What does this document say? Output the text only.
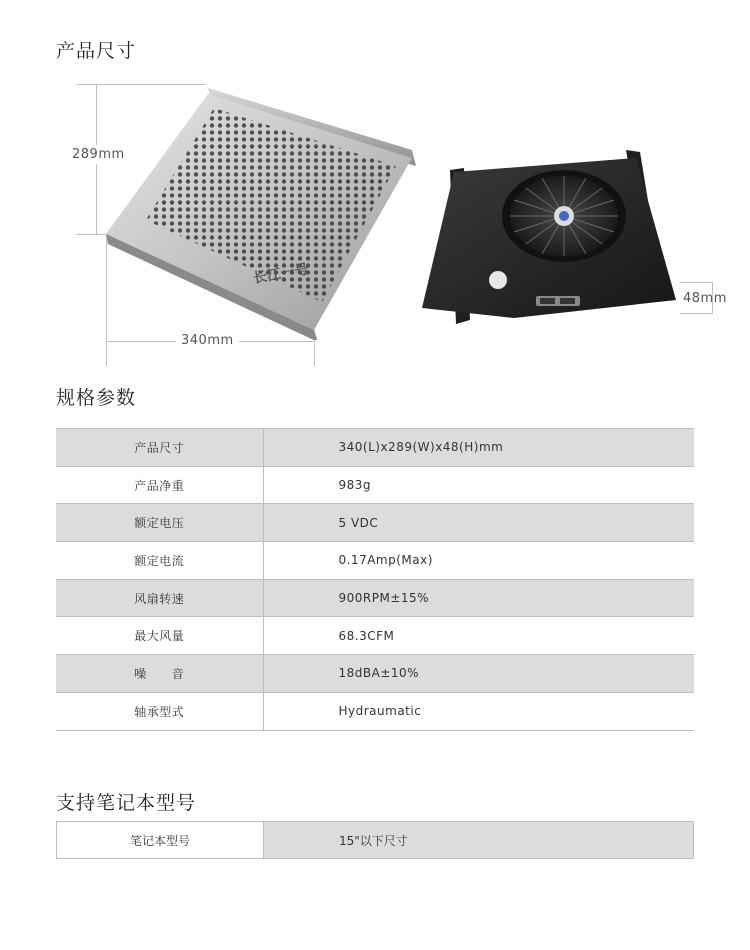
产品尺寸
289mm
340mm
48mm
长江一号
规格参数
产品尺寸	340(L)x289(W)x48(H)mm
产品净重	983g
额定电压	5 VDC
额定电流	0.17Amp(Max)
风扇转速	900RPM±15%
最大风量	68.3CFM
噪　　音	18dBA±10%
轴承型式	Hydraumatic
支持笔记本型号
笔记本型号	15"以下尺寸
